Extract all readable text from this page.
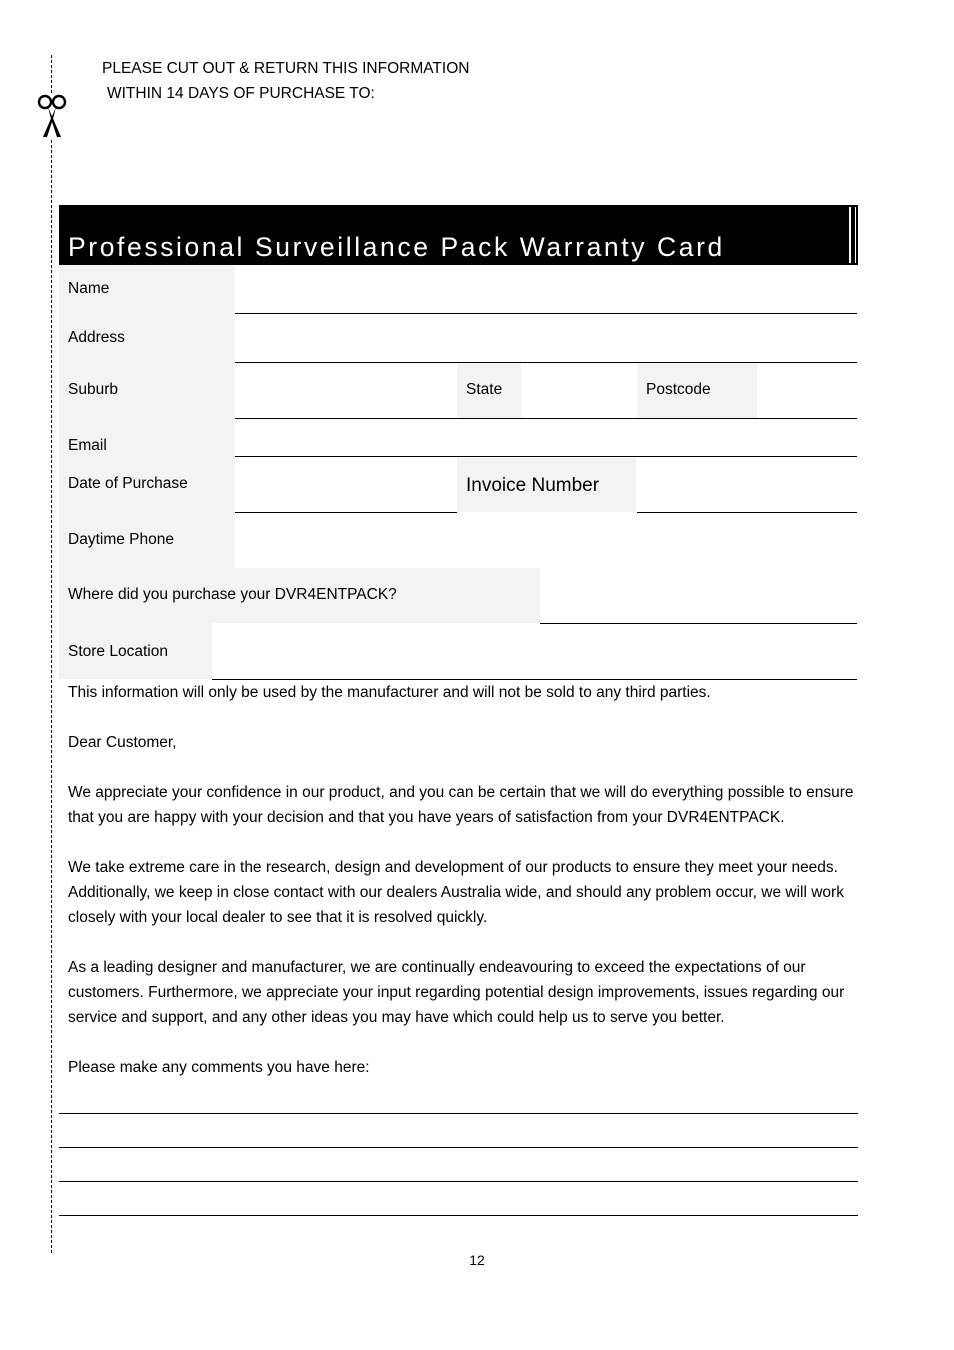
PLEASE CUT OUT & RETURN THIS INFORMATION
WITHIN 14 DAYS OF PURCHASE TO:
Professional Surveillance Pack Warranty Card
Name
Address
Suburb	State	Postcode
Email
Date of Purchase	Invoice Number
Daytime Phone
Where did you purchase your DVR4ENTPACK?
Store Location
This information will only be used by the manufacturer and will not be sold to any third parties.
Dear Customer,
We appreciate your confidence in our product, and you can be certain that we will do everything possible to ensure
that you are happy with your decision and that you have years of satisfaction from your DVR4ENTPACK.
We take extreme care in the research, design and development of our products to ensure they meet your needs.
Additionally, we keep in close contact with our dealers Australia wide, and should any problem occur, we will work
closely with your local dealer to see that it is resolved quickly.
As a leading designer and manufacturer, we are continually endeavouring to exceed the expectations of our
customers. Furthermore, we appreciate your input regarding potential design improvements, issues regarding our
service and support, and any other ideas you may have which could help us to serve you better.
Please make any comments you have here:
12
